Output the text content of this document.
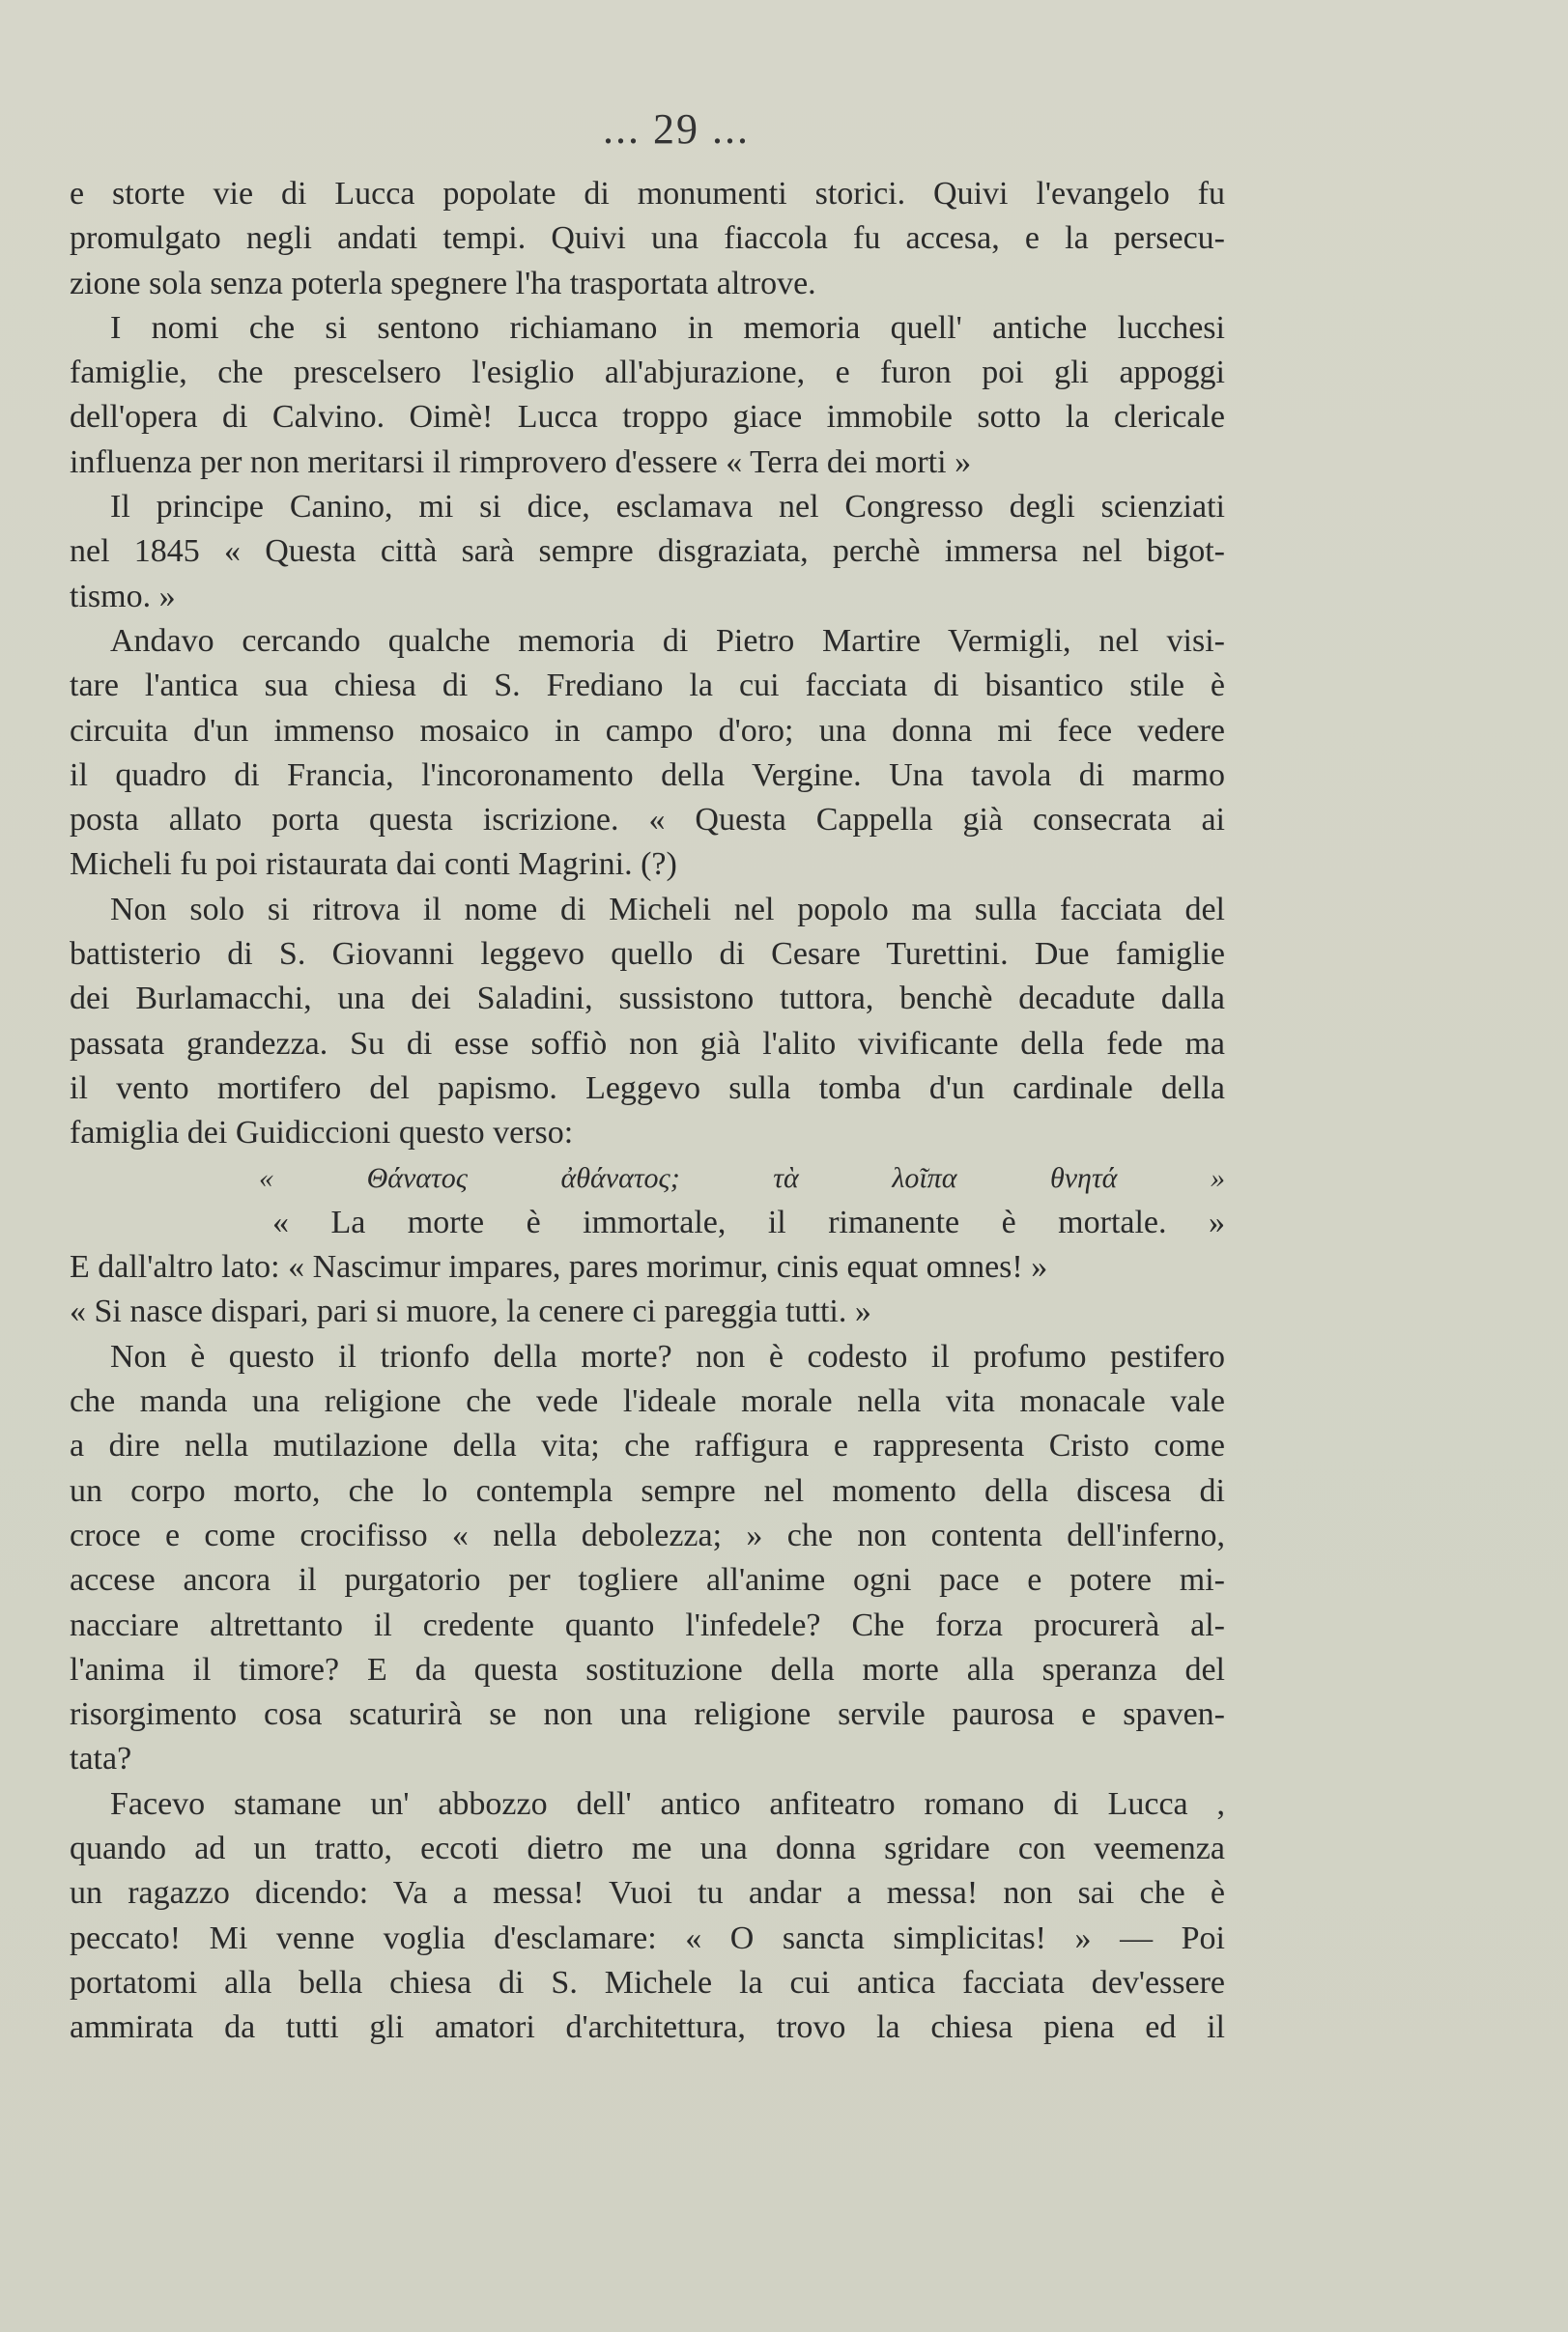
... 29 ...
e storte vie di Lucca popolate di monumenti storici. Quivi l'evangelo fu
promulgato negli andati tempi. Quivi una fiaccola fu accesa, e la persecu-
zione sola senza poterla spegnere l'ha trasportata altrove.
I nomi che si sentono richiamano in memoria quell' antiche lucchesi
famiglie, che prescelsero l'esiglio all'abjurazione, e furon poi gli appoggi
dell'opera di Calvino. Oimè! Lucca troppo giace immobile sotto la clericale
influenza per non meritarsi il rimprovero d'essere « Terra dei morti »
Il principe Canino, mi si dice, esclamava nel Congresso degli scienziati
nel 1845 « Questa città sarà sempre disgraziata, perchè immersa nel bigot-
tismo. »
Andavo cercando qualche memoria di Pietro Martire Vermigli, nel visi-
tare l'antica sua chiesa di S. Frediano la cui facciata di bisantico stile è
circuita d'un immenso mosaico in campo d'oro; una donna mi fece vedere
il quadro di Francia, l'incoronamento della Vergine. Una tavola di marmo
posta allato porta questa iscrizione. « Questa Cappella già consecrata ai
Micheli fu poi ristaurata dai conti Magrini. (?)
Non solo si ritrova il nome di Micheli nel popolo ma sulla facciata del
battisterio di S. Giovanni leggevo quello di Cesare Turettini. Due famiglie
dei Burlamacchi, una dei Saladini, sussistono tuttora, benchè decadute dalla
passata grandezza. Su di esse soffiò non già l'alito vivificante della fede ma
il vento mortifero del papismo. Leggevo sulla tomba d'un cardinale della
famiglia dei Guidiccioni questo verso:
« Θάνατος ἀθάνατος; τὰ λοῖπα θνητά »
« La morte è immortale, il rimanente è mortale. »
E dall'altro lato: « Nascimur impares, pares morimur, cinis equat omnes! »
« Si nasce dispari, pari si muore, la cenere ci pareggia tutti. »
Non è questo il trionfo della morte? non è codesto il profumo pestifero
che manda una religione che vede l'ideale morale nella vita monacale vale
a dire nella mutilazione della vita; che raffigura e rappresenta Cristo come
un corpo morto, che lo contempla sempre nel momento della discesa di
croce e come crocifisso « nella debolezza; » che non contenta dell'inferno,
accese ancora il purgatorio per togliere all'anime ogni pace e potere mi-
nacciare altrettanto il credente quanto l'infedele? Che forza procurerà al-
l'anima il timore? E da questa sostituzione della morte alla speranza del
risorgimento cosa scaturirà se non una religione servile paurosa e spaven-
tata?
Facevo stamane un' abbozzo dell' antico anfiteatro romano di Lucca ,
quando ad un tratto, eccoti dietro me una donna sgridare con veemenza
un ragazzo dicendo: Va a messa! Vuoi tu andar a messa! non sai che è
peccato! Mi venne voglia d'esclamare: « O sancta simplicitas! » — Poi
portatomi alla bella chiesa di S. Michele la cui antica facciata dev'essere
ammirata da tutti gli amatori d'architettura, trovo la chiesa piena ed il
